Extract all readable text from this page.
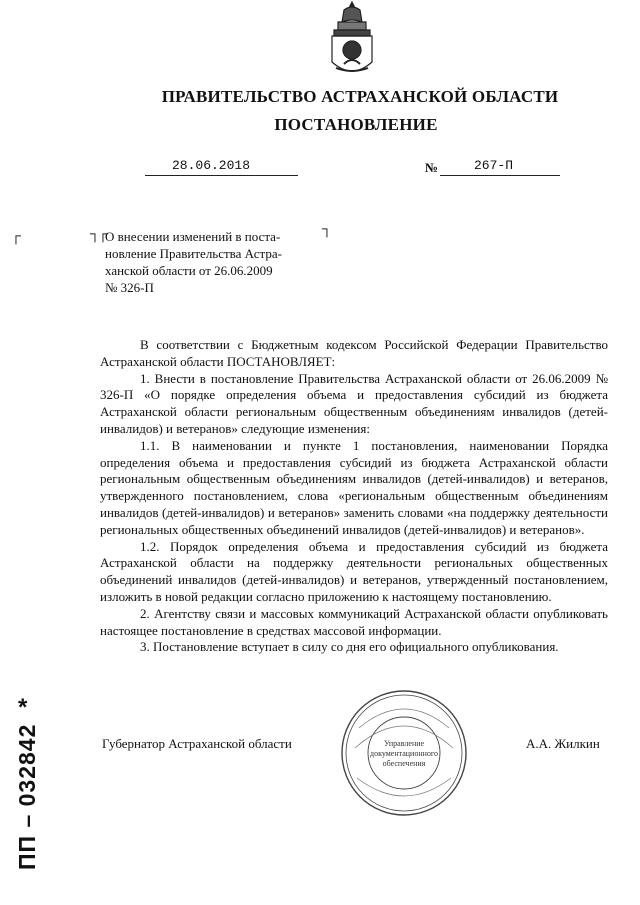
ПРАВИТЕЛЬСТВО АСТРАХАНСКОЙ ОБЛАСТИ
ПОСТАНОВЛЕНИЕ
28.06.2018	№	267-П
┌	┐
┌	┐
О внесении изменений в поста-
новление Правительства Астра-
ханской области от 26.06.2009
№ 326-П

В соответствии с Бюджетным кодексом Российской Федерации Правительство Астраханской области ПОСТАНОВЛЯЕТ:

1. Внести в постановление Правительства Астраханской области от 26.06.2009 № 326-П «О порядке определения объема и предоставления субсидий из бюджета Астраханской области региональным общественным объединениям инвалидов (детей-инвалидов) и ветеранов» следующие изменения:

1.1. В наименовании и пункте 1 постановления, наименовании Порядка определения объема и предоставления субсидий из бюджета Астраханской области региональным общественным объединениям инвалидов (детей-инвалидов) и ветеранов, утвержденного постановлением, слова «региональным общественным объединениям инвалидов (детей-инвалидов) и ветеранов» заменить словами «на поддержку деятельности региональных общественных объединений инвалидов (детей-инвалидов) и ветеранов».

1.2. Порядок определения объема и предоставления субсидий из бюджета Астраханской области на поддержку деятельности региональных общественных объединений инвалидов (детей-инвалидов) и ветеранов, утвержденный постановлением, изложить в новой редакции согласно приложению к настоящему постановлению.

2. Агентству связи и массовых коммуникаций Астраханской области опубликовать настоящее постановление в средствах массовой информации.

3. Постановление вступает в силу со дня его официального опубликования.

Губернатор Астраханской области	А.А. Жилкин
Управление
документационного
обеспечения
*
ПП – 032842
